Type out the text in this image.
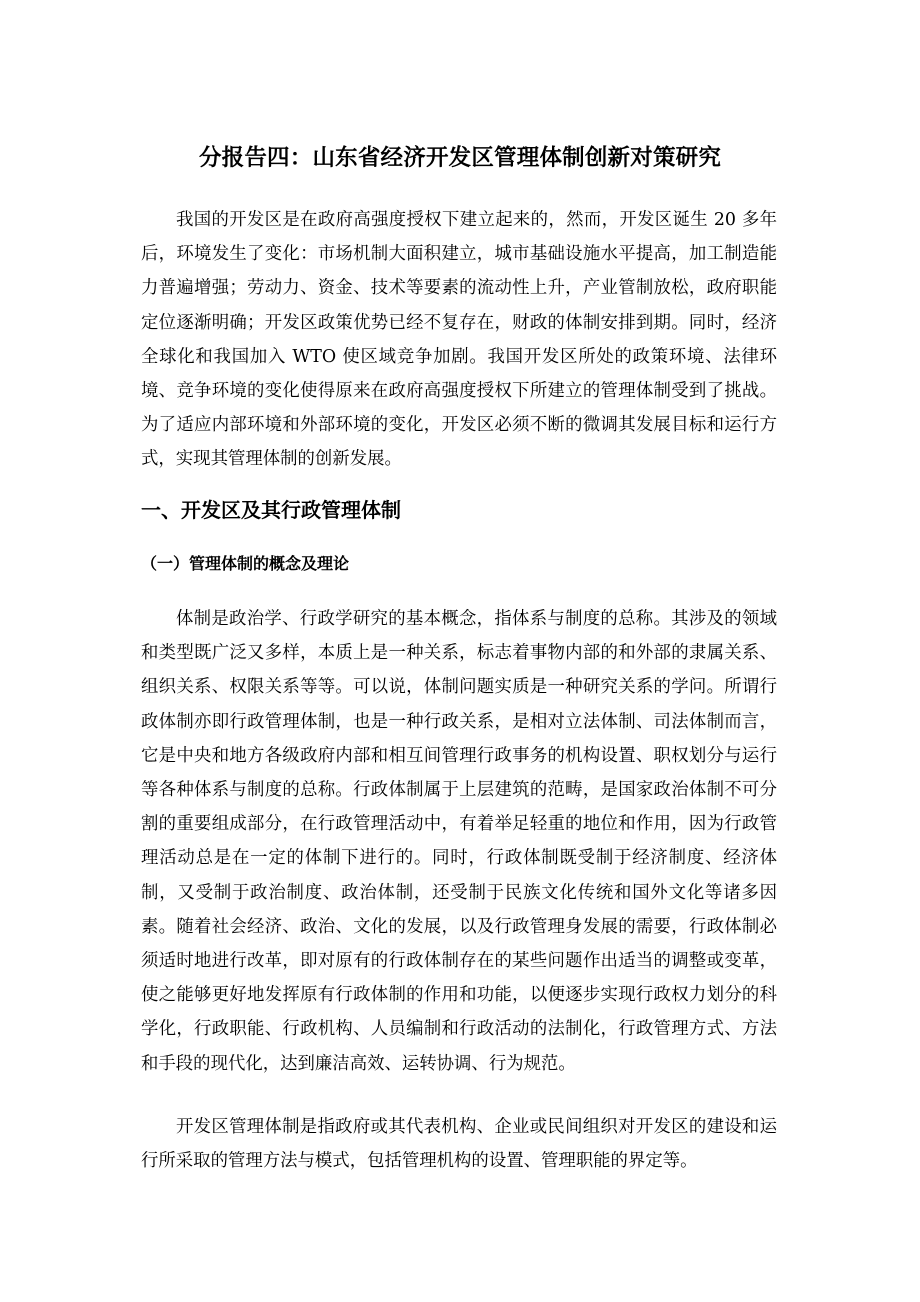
分报告四：山东省经济开发区管理体制创新对策研究

我国的开发区是在政府高强度授权下建立起来的，然而，开发区诞生 20 多年后，环境发生了变化：市场机制大面积建立，城市基础设施水平提高，加工制造能力普遍增强；劳动力、资金、技术等要素的流动性上升，产业管制放松，政府职能定位逐渐明确；开发区政策优势已经不复存在，财政的体制安排到期。同时，经济全球化和我国加入 WTO 使区域竞争加剧。我国开发区所处的政策环境、法律环境、竞争环境的变化使得原来在政府高强度授权下所建立的管理体制受到了挑战。为了适应内部环境和外部环境的变化，开发区必须不断的微调其发展目标和运行方式，实现其管理体制的创新发展。

一、开发区及其行政管理体制
（一）管理体制的概念及理论

体制是政治学、行政学研究的基本概念，指体系与制度的总称。其涉及的领域和类型既广泛又多样，本质上是一种关系，标志着事物内部的和外部的隶属关系、组织关系、权限关系等等。可以说，体制问题实质是一种研究关系的学问。所谓行政体制亦即行政管理体制，也是一种行政关系，是相对立法体制、司法体制而言，它是中央和地方各级政府内部和相互间管理行政事务的机构设置、职权划分与运行等各种体系与制度的总称。行政体制属于上层建筑的范畴，是国家政治体制不可分割的重要组成部分，在行政管理活动中，有着举足轻重的地位和作用，因为行政管理活动总是在一定的体制下进行的。同时，行政体制既受制于经济制度、经济体制，又受制于政治制度、政治体制，还受制于民族文化传统和国外文化等诸多因素。随着社会经济、政治、文化的发展，以及行政管理身发展的需要，行政体制必须适时地进行改革，即对原有的行政体制存在的某些问题作出适当的调整或变革，使之能够更好地发挥原有行政体制的作用和功能，以便逐步实现行政权力划分的科学化，行政职能、行政机构、人员编制和行政活动的法制化，行政管理方式、方法和手段的现代化，达到廉洁高效、运转协调、行为规范。

开发区管理体制是指政府或其代表机构、企业或民间组织对开发区的建设和运行所采取的管理方法与模式，包括管理机构的设置、管理职能的界定等。
